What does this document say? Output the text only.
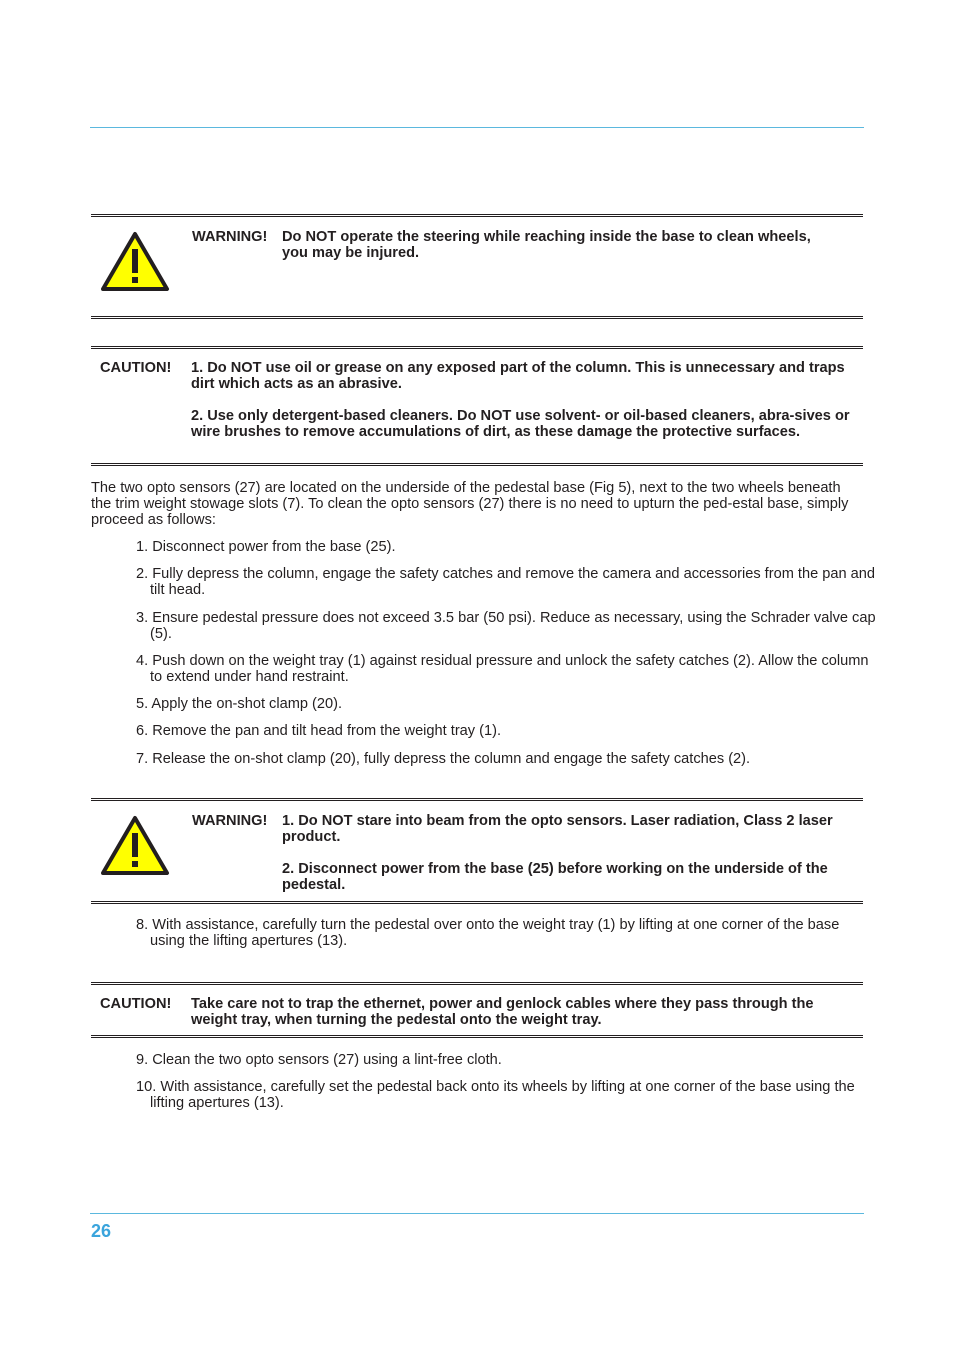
WARNING! Do NOT operate the steering while reaching inside the base to clean wheels, you may be injured.

CAUTION! 1. Do NOT use oil or grease on any exposed part of the column. This is unnecessary and traps dirt which acts as an abrasive.

2. Use only detergent-based cleaners. Do NOT use solvent- or oil-based cleaners, abra-sives or wire brushes to remove accumulations of dirt, as these damage the protective surfaces.

The two opto sensors (27) are located on the underside of the pedestal base (Fig 5), next to the two wheels beneath the trim weight stowage slots (7). To clean the opto sensors (27) there is no need to upturn the ped-estal base, simply proceed as follows:

1. Disconnect power from the base (25).
2. Fully depress the column, engage the safety catches and remove the camera and accessories from the pan and tilt head.
3. Ensure pedestal pressure does not exceed 3.5 bar (50 psi). Reduce as necessary, using the Schrader valve cap (5).
4. Push down on the weight tray (1) against residual pressure and unlock the safety catches (2). Allow the column to extend under hand restraint.
5. Apply the on-shot clamp (20).
6. Remove the pan and tilt head from the weight tray (1).
7. Release the on-shot clamp (20), fully depress the column and engage the safety catches (2).
WARNING! 1. Do NOT stare into beam from the opto sensors. Laser radiation, Class 2 laser product.

2. Disconnect power from the base (25) before working on the underside of the pedestal.

8. With assistance, carefully turn the pedestal over onto the weight tray (1) by lifting at one corner of the base using the lifting apertures (13).
CAUTION! Take care not to trap the ethernet, power and genlock cables where they pass through the weight tray, when turning the pedestal onto the weight tray.

9. Clean the two opto sensors (27) using a lint-free cloth.
10. With assistance, carefully set the pedestal back onto its wheels by lifting at one corner of the base using the lifting apertures (13).
26
